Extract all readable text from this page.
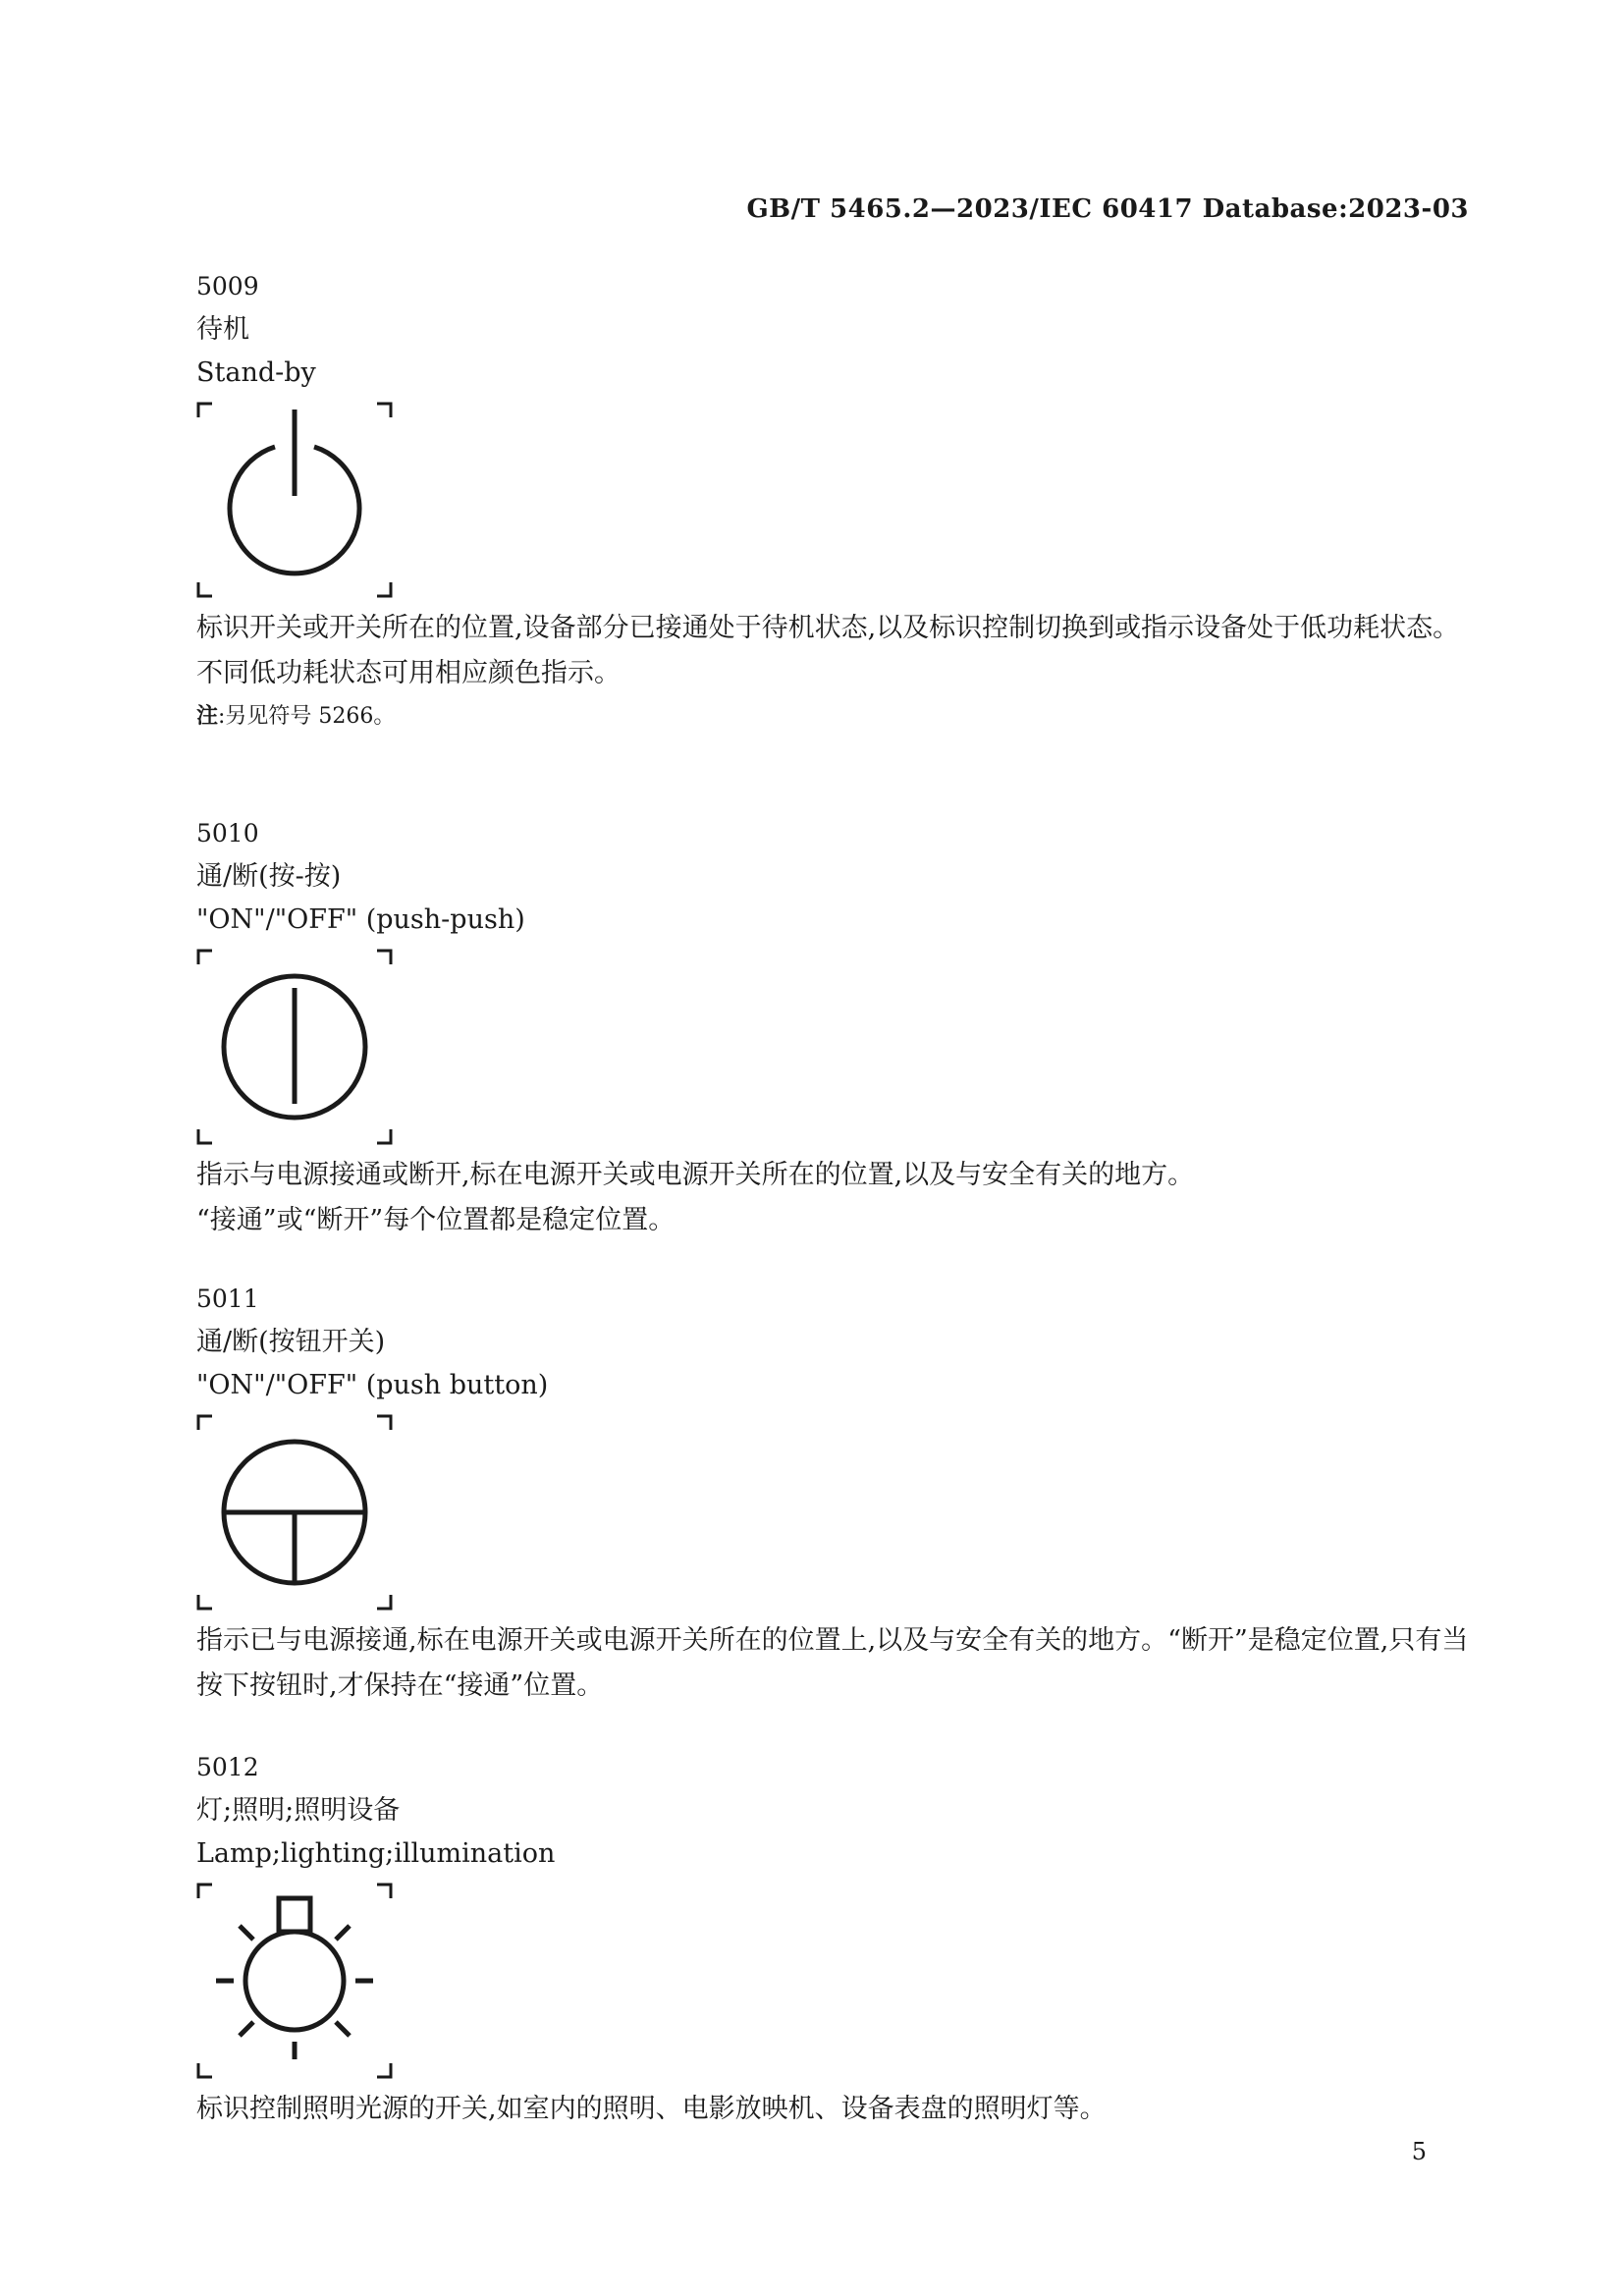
GB/T 5465.2—2023/IEC 60417 Database:2023-03
5009
待机
Stand-by
标识开关或开关所在的位置,设备部分已接通处于待机状态,以及标识控制切换到或指示设备处于低功耗状态。
不同低功耗状态可用相应颜色指示。
注:另见符号 5266。
5010
通/断(按-按)
"ON"/"OFF" (push-push)
指示与电源接通或断开,标在电源开关或电源开关所在的位置,以及与安全有关的地方。
“接通”或“断开”每个位置都是稳定位置。
5011
通/断(按钮开关)
"ON"/"OFF" (push button)
指示已与电源接通,标在电源开关或电源开关所在的位置上,以及与安全有关的地方。“断开”是稳定位置,只有当按下按钮时,才保持在“接通”位置。
5012
灯;照明;照明设备
Lamp;lighting;illumination
标识控制照明光源的开关,如室内的照明、电影放映机、设备表盘的照明灯等。
5
